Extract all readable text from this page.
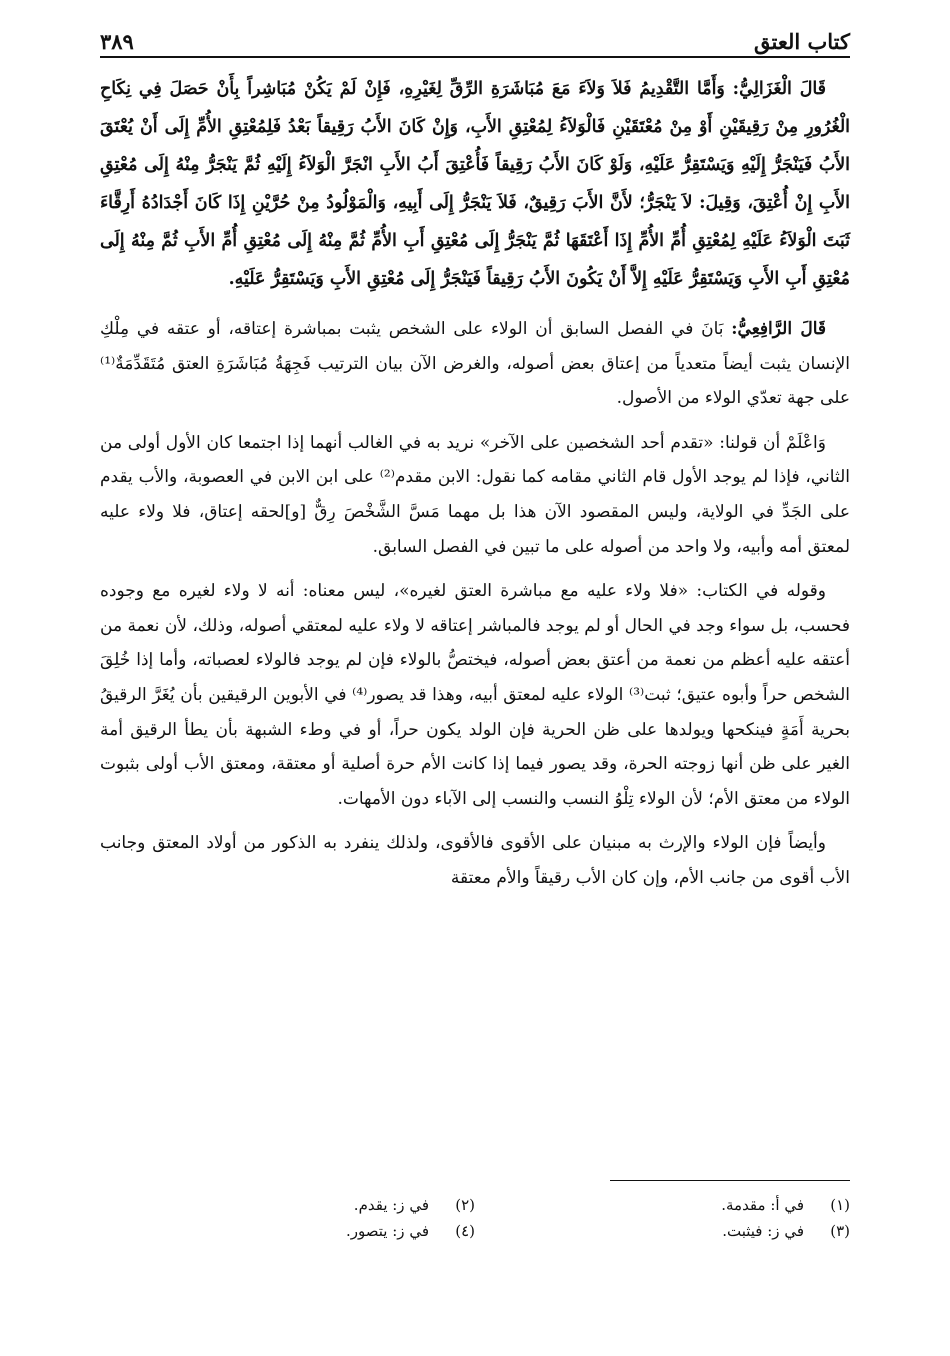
كتاب العتق
٣٨٩

قَالَ الْغَزَالِيُّ: وَأَمَّا التَّقْدِيمُ فَلاَ وَلاَءَ مَعَ مُبَاشَرَةِ الرِّقِّ لِغَيْرِهِ، فَإِنْ لَمْ يَكُنْ مُبَاشِراً بِأَنْ حَصَلَ فِي نِكَاحِ الْغُرُورِ مِنْ رَقِيقَيْنِ أَوْ مِنْ مُعْتَقَيْنِ فَالْوَلاَءُ لِمُعْتِقِ الأَبِ، وَإِنْ كَانَ الأَبُ رَقِيقاً بَعْدُ فَلِمُعْتِقِ الأُمِّ إِلَى أَنْ يُعْتَقَ الأَبُ فَيَنْجَرُّ إِلَيْهِ وَيَسْتَقِرُّ عَلَيْهِ، وَلَوْ كَانَ الأَبُ رَقِيقاً فَأُعْتِقَ أَبُ الأَبِ انْجَرَّ الْوَلاَءُ إِلَيْهِ ثُمَّ يَنْجَرُّ مِنْهُ إِلَى مُعْتِقِ الأَبِ إِنْ أُعْتِقَ، وَقِيلَ: لاَ يَنْجَرُّ؛ لأَنَّ الأَبَ رَقِيقٌ، فَلاَ يَنْجَرُّ إِلَى أَبِيهِ، وَالْمَوْلُودُ مِنْ حُرَّيْنِ إِذَا كَانَ أَجْدَادُهُ أَرِقَّاءَ ثَبَتَ الْوَلاَءُ عَلَيْهِ لِمُعْتِقِ أُمِّ الأُمِّ إِذَا أَعْتَقَهَا ثُمَّ يَنْجَرُّ إِلَى مُعْتِقِ أَبِ الأُمِّ ثُمَّ مِنْهُ إِلَى مُعْتِقِ أُمِّ الأَبِ ثُمَّ مِنْهُ إِلَى مُعْتِقِ أَبِ الأَبِ وَيَسْتَقِرُّ عَلَيْهِ إِلاَّ أَنْ يَكُونَ الأَبُ رَقِيقاً فَيَنْجَرُّ إِلَى مُعْتِقِ الأَبِ وَيَسْتَقِرُّ عَلَيْهِ.

قَالَ الرَّافِعِيُّ: بَانَ في الفصل السابق أن الولاء على الشخص يثبت بمباشرة إعتاقه، أو عتقه في مِلْكِ الإنسان يثبت أيضاً متعدياً من إعتاق بعض أصوله، والغرض الآن بيان الترتيب فَجِهَةُ مُبَاشَرَةِ العتق مُتَقَدِّمَةٌ⁽¹⁾ على جهة تعدّي الولاء من الأصول.

وَاعْلَمْ أن قولنا: «تقدم أحد الشخصين على الآخر» نريد به في الغالب أنهما إذا اجتمعا كان الأول أولى من الثاني، فإذا لم يوجد الأول قام الثاني مقامه كما نقول: الابن مقدم⁽²⁾ على ابن الابن في العصوبة، والأب يقدم على الجَدِّ في الولاية، وليس المقصود الآن هذا بل مهما مَسَّ الشَّخْصَ رِقٌّ [و]لحقه إعتاق، فلا ولاء عليه لمعتق أمه وأبيه، ولا واحد من أصوله على ما تبين في الفصل السابق.

وقوله في الكتاب: «فلا ولاء عليه مع مباشرة العتق لغيره»، ليس معناه: أنه لا ولاء لغيره مع وجوده فحسب، بل سواء وجد في الحال أو لم يوجد فالمباشر إعتاقه لا ولاء عليه لمعتقي أصوله، وذلك، لأن نعمة من أعتقه عليه أعظم من نعمة من أعتق بعض أصوله، فيختصُّ بالولاء فإن لم يوجد فالولاء لعصباته، وأما إذا خُلِقَ الشخص حراً وأبوه عتيق؛ ثبت⁽³⁾ الولاء عليه لمعتق أبيه، وهذا قد يصور⁽⁴⁾ في الأبوين الرقيقين بأن يُغَرَّ الرقيقُ بحرية أَمَةٍ فينكحها ويولدها على ظن الحرية فإن الولد يكون حراً، أو في وطء الشبهة بأن يطأ الرقيق أمة الغير على ظن أنها زوجته الحرة، وقد يصور فيما إذا كانت الأم حرة أصلية أو معتقة، ومعتق الأب أولى بثبوت الولاء من معتق الأم؛ لأن الولاء تِلْوُ النسب والنسب إلى الآباء دون الأمهات.

وأيضاً فإن الولاء والإرث به مبنيان على الأقوى فالأقوى، ولذلك ينفرد به الذكور من أولاد المعتق وجانب الأب أقوى من جانب الأم، وإن كان الأب رقيقاً والأم معتقة

(١)
في أ: مقدمة.
(٢)
في ز: يقدم.
(٣)
في ز: فيثبت.
(٤)
في ز: يتصور.
